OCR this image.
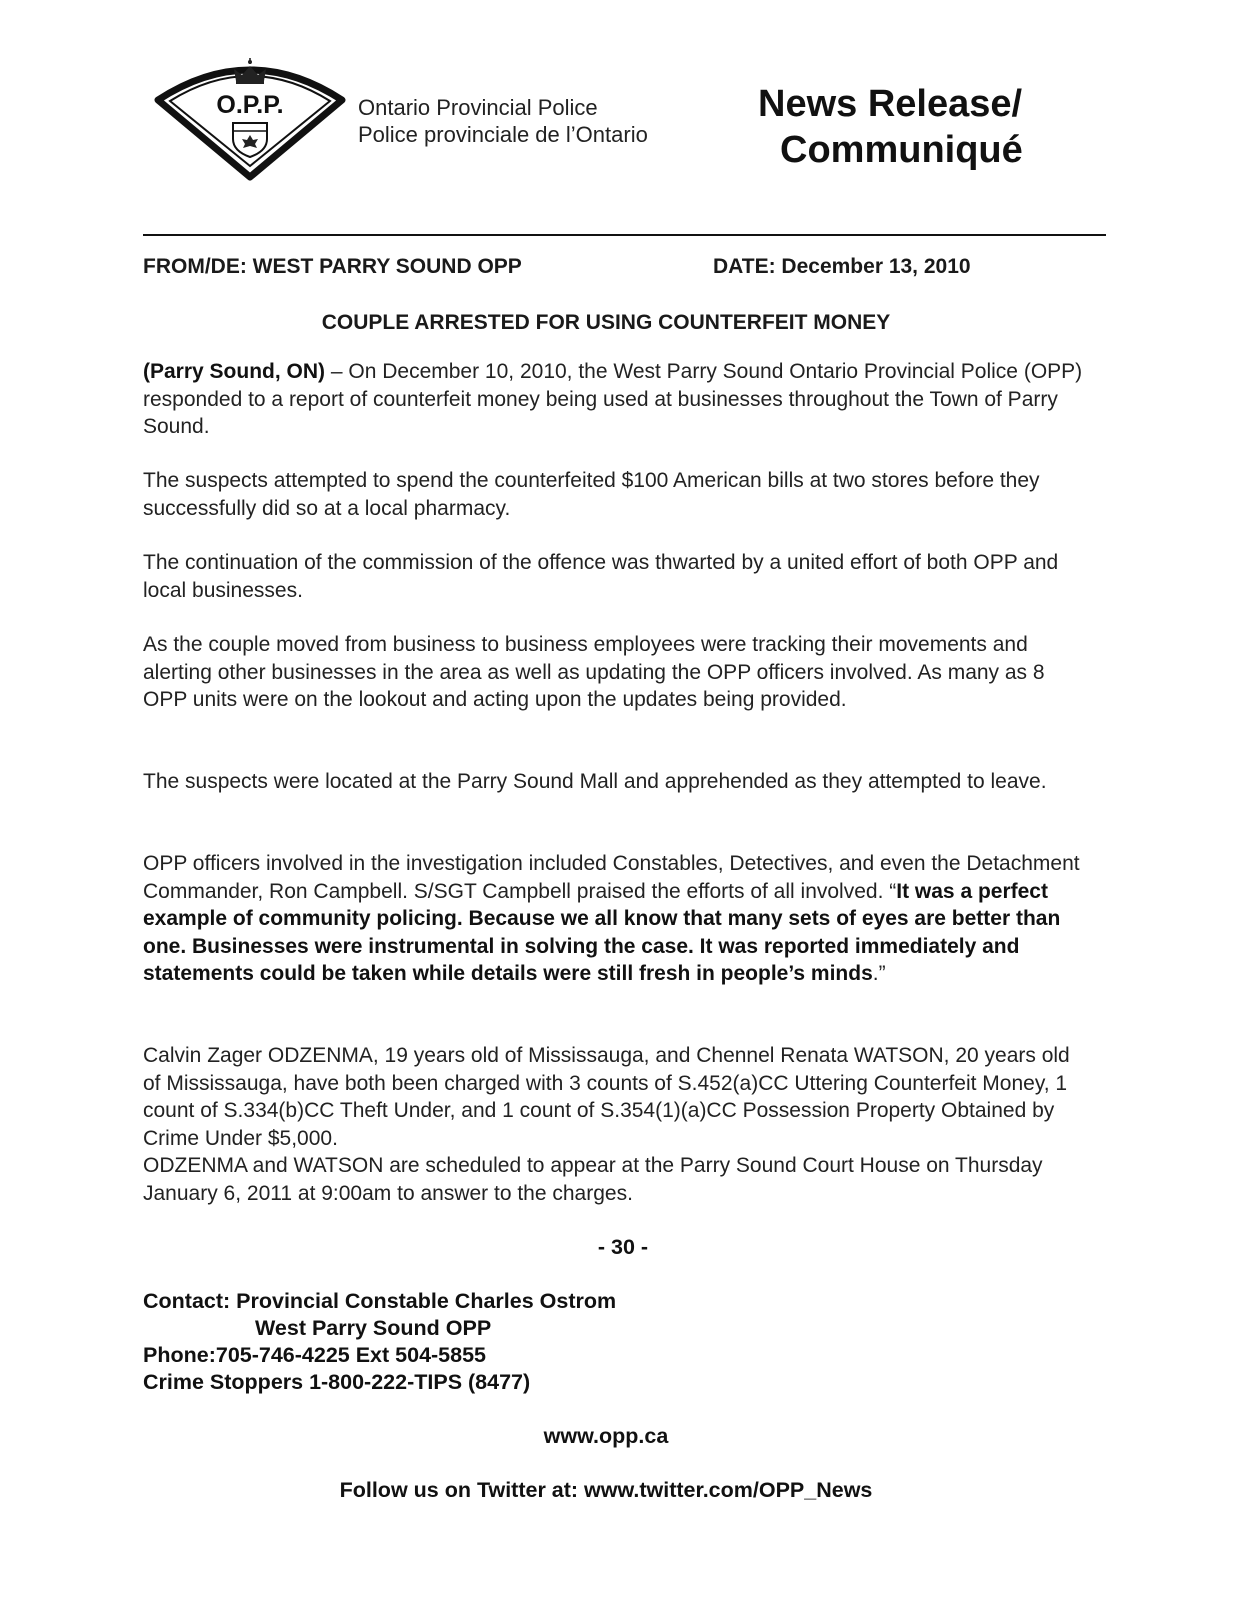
O.P.P.	Ontario Provincial Police
Police provinciale de l’Ontario
News Release/
Communiqué
FROM/DE: WEST PARRY SOUND OPP	DATE: December 13, 2010
COUPLE ARRESTED FOR USING COUNTERFEIT MONEY

(Parry Sound, ON) – On December 10, 2010, the West Parry Sound Ontario Provincial Police (OPP) responded to a report of counterfeit money being used at businesses throughout the Town of Parry Sound.

The suspects attempted to spend the counterfeited $100 American bills at two stores before they successfully did so at a local pharmacy.

The continuation of the commission of the offence was thwarted by a united effort of both OPP and local businesses.

As the couple moved from business to business employees were tracking their movements and alerting other businesses in the area as well as updating the OPP officers involved. As many as 8 OPP units were on the lookout and acting upon the updates being provided.

The suspects were located at the Parry Sound Mall and apprehended as they attempted to leave.

OPP officers involved in the investigation included Constables, Detectives, and even the Detachment Commander, Ron Campbell. S/SGT Campbell praised the efforts of all involved. “It was a perfect example of community policing. Because we all know that many sets of eyes are better than one. Businesses were instrumental in solving the case. It was reported immediately and statements could be taken while details were still fresh in people’s minds.”

Calvin Zager ODZENMA, 19 years old of Mississauga, and Chennel Renata WATSON, 20 years old of Mississauga, have both been charged with 3 counts of S.452(a)CC Uttering Counterfeit Money, 1 count of S.334(b)CC Theft Under, and 1 count of S.354(1)(a)CC Possession Property Obtained by Crime Under $5,000.
ODZENMA and WATSON are scheduled to appear at the Parry Sound Court House on Thursday January 6, 2011 at 9:00am to answer to the charges.

- 30 -
Contact: Provincial Constable Charles Ostrom
West Parry Sound OPP
Phone:705-746-4225 Ext 504-5855
Crime Stoppers 1-800-222-TIPS (8477)
www.opp.ca
Follow us on Twitter at: www.twitter.com/OPP_News
